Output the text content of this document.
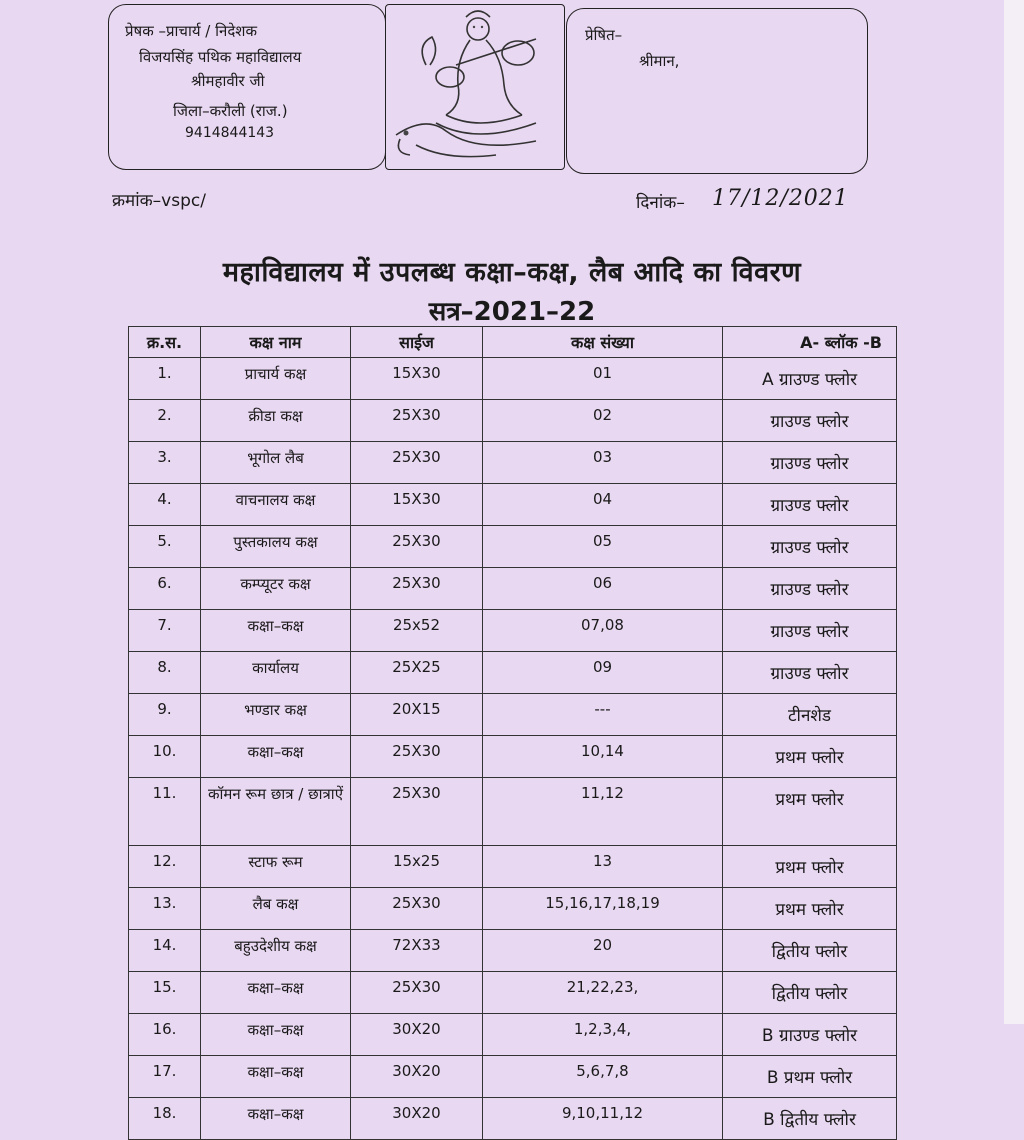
प्रेषक –प्राचार्य / निदेशक
विजयसिंह पथिक महाविद्यालय
श्रीमहावीर जी
जिला–करौली (राज.)
9414844143
प्रेषित–
श्रीमान,
क्रमांक–vspc/	दिनांक– 17/12/2021
महाविद्यालय में उपलब्ध कक्षा–कक्ष, लैब आदि का विवरण
सत्र–2021–22
क्र.स.	कक्ष नाम	साईज	कक्ष संख्या	A- ब्लॉक -B
1.	प्राचार्य कक्ष	15X30	01	A ग्राउण्ड फ्लोर
2.	क्रीडा कक्ष	25X30	02	ग्राउण्ड फ्लोर
3.	भूगोल लैब	25X30	03	ग्राउण्ड फ्लोर
4.	वाचनालय कक्ष	15X30	04	ग्राउण्ड फ्लोर
5.	पुस्तकालय कक्ष	25X30	05	ग्राउण्ड फ्लोर
6.	कम्प्यूटर कक्ष	25X30	06	ग्राउण्ड फ्लोर
7.	कक्षा–कक्ष	25x52	07,08	ग्राउण्ड फ्लोर
8.	कार्यालय	25X25	09	ग्राउण्ड फ्लोर
9.	भण्डार कक्ष	20X15	---	टीनशेड
10.	कक्षा–कक्ष	25X30	10,14	प्रथम फ्लोर
11.	कॉमन रूम छात्र / छात्राऐं	25X30	11,12	प्रथम फ्लोर
12.	स्टाफ रूम	15x25	13	प्रथम फ्लोर
13.	लैब कक्ष	25X30	15,16,17,18,19	प्रथम फ्लोर
14.	बहुउदेशीय कक्ष	72X33	20	द्वितीय फ्लोर
15.	कक्षा–कक्ष	25X30	21,22,23,	द्वितीय फ्लोर
16.	कक्षा–कक्ष	30X20	1,2,3,4,	B ग्राउण्ड फ्लोर
17.	कक्षा–कक्ष	30X20	5,6,7,8	B प्रथम फ्लोर
18.	कक्षा–कक्ष	30X20	9,10,11,12	B द्वितीय फ्लोर
